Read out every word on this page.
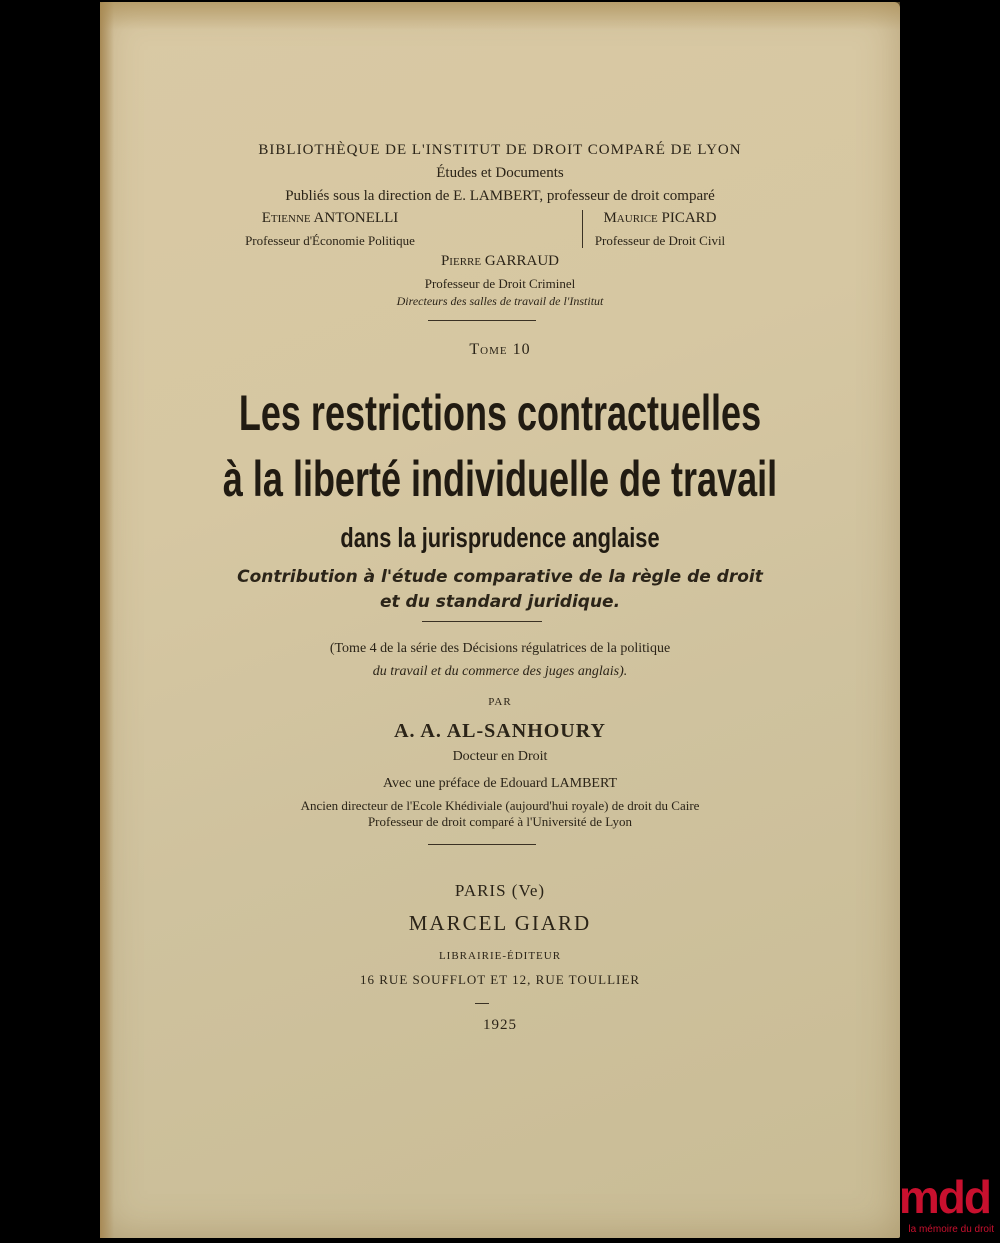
BIBLIOTHÈQUE DE L'INSTITUT DE DROIT COMPARÉ DE LYON
Études et Documents
Publiés sous la direction de E. LAMBERT, professeur de droit comparé
Etienne ANTONELLI
Professeur d'Économie Politique
Maurice PICARD
Professeur de Droit Civil
Pierre GARRAUD
Professeur de Droit Criminel
Directeurs des salles de travail de l'Institut
Tome 10
Les restrictions contractuelles
à la liberté individuelle de travail
dans la jurisprudence anglaise
Contribution à l'étude comparative de la règle de droit
et du standard juridique.
(Tome 4 de la série des Décisions régulatrices de la politique
du travail et du commerce des juges anglais).
PAR
A. A. AL-SANHOURY
Docteur en Droit
Avec une préface de Edouard LAMBERT
Ancien directeur de l'Ecole Khédiviale (aujourd'hui royale) de droit du Caire
Professeur de droit comparé à l'Université de Lyon
PARIS (Ve)
MARCEL GIARD
LIBRAIRIE-ÉDITEUR
16 RUE SOUFFLOT ET 12, RUE TOULLIER
1925
mdd
la mémoire du droit
